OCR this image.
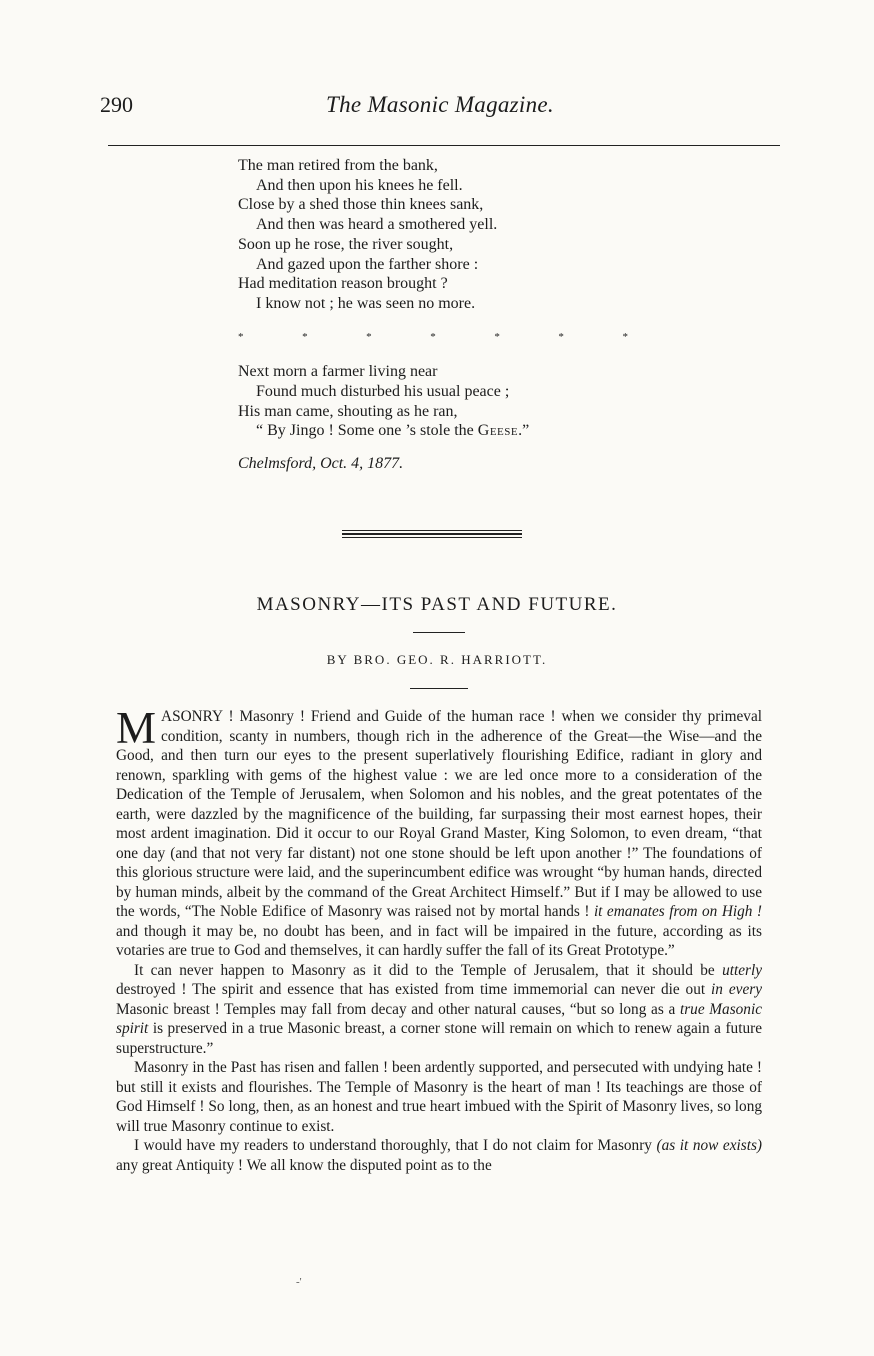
290	The Masonic Magazine.
The man retired from the bank,
And then upon his knees he fell.
Close by a shed those thin knees sank,
And then was heard a smothered yell.
Soon up he rose, the river sought,
And gazed upon the farther shore :
Had meditation reason brought ?
I know not ; he was seen no more.
*	*	*	*	*	*	*
Next morn a farmer living near
Found much disturbed his usual peace ;
His man came, shouting as he ran,
“ By Jingo ! Some one ’s stole the Geese.”
Chelmsford, Oct. 4, 1877.
MASONRY—ITS PAST AND FUTURE.
BY BRO. GEO. R. HARRIOTT.

MASONRY ! Masonry ! Friend and Guide of the human race ! when we consider thy primeval condition, scanty in numbers, though rich in the adherence of the Great—the Wise—and the Good, and then turn our eyes to the present superlatively flourishing Edifice, radiant in glory and renown, sparkling with gems of the highest value : we are led once more to a consideration of the Dedication of the Temple of Jerusalem, when Solomon and his nobles, and the great potentates of the earth, were dazzled by the magnificence of the building, far surpassing their most earnest hopes, their most ardent imagination. Did it occur to our Royal Grand Master, King Solomon, to even dream, “that one day (and that not very far distant) not one stone should be left upon another !” The foundations of this glorious structure were laid, and the superincumbent edifice was wrought “by human hands, directed by human minds, albeit by the command of the Great Architect Himself.” But if I may be allowed to use the words, “The Noble Edifice of Masonry was raised not by mortal hands ! it emanates from on High ! and though it may be, no doubt has been, and in fact will be impaired in the future, according as its votaries are true to God and themselves, it can hardly suffer the fall of its Great Prototype.”

It can never happen to Masonry as it did to the Temple of Jerusalem, that it should be utterly destroyed ! The spirit and essence that has existed from time immemorial can never die out in every Masonic breast ! Temples may fall from decay and other natural causes, “but so long as a true Masonic spirit is preserved in a true Masonic breast, a corner stone will remain on which to renew again a future superstructure.”

Masonry in the Past has risen and fallen ! been ardently supported, and persecuted with undying hate ! but still it exists and flourishes. The Temple of Masonry is the heart of man ! Its teachings are those of God Himself ! So long, then, as an honest and true heart imbued with the Spirit of Masonry lives, so long will true Masonry continue to exist.

I would have my readers to understand thoroughly, that I do not claim for Masonry (as it now exists) any great Antiquity ! We all know the disputed point as to the

-'
